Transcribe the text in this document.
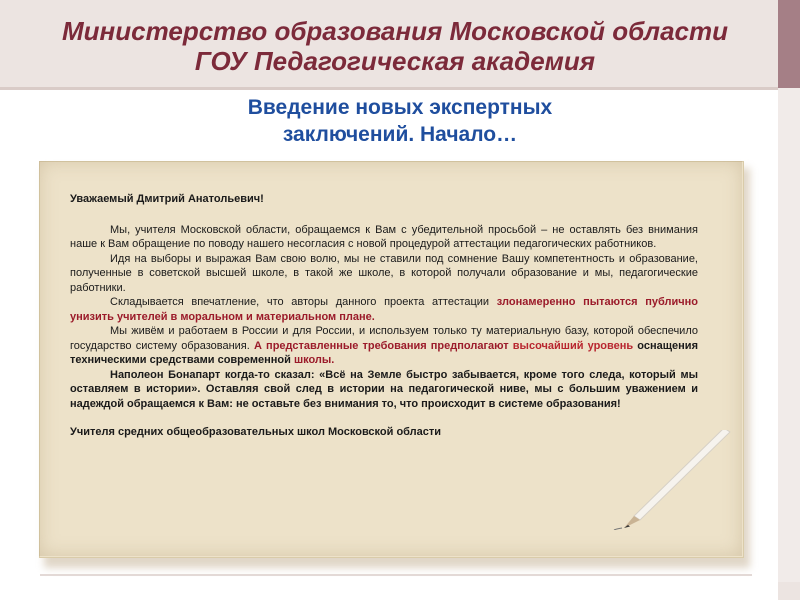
Министерство образования Московской области
ГОУ Педагогическая академия
Введение новых экспертных
заключений. Начало…

Уважаемый Дмитрий Анатольевич!

Мы, учителя Московской области, обращаемся к Вам с убедительной просьбой – не оставлять без внимания наше к Вам обращение по поводу нашего несогласия с новой процедурой аттестации педагогических работников.

Идя на выборы и выражая Вам свою волю, мы не ставили под сомнение Вашу компетентность и образование, полученные в советской высшей школе, в такой же школе, в которой получали образование и мы, педагогические работники.

Складывается впечатление, что авторы данного проекта аттестации злонамеренно пытаются публично унизить учителей в моральном и материальном плане.

Мы живём и работаем в России и для России, и используем только ту материальную базу, которой обеспечило государство систему образования. А представленные требования предполагают высочайший уровень оснащения техническими средствами современной школы.

Наполеон Бонапарт когда-то сказал: «Всё на Земле быстро забывается, кроме того следа, который мы оставляем в истории». Оставляя свой след в истории на педагогической ниве, мы с большим уважением и надеждой обращаемся к Вам: не оставьте без внимания то, что происходит в системе образования!

Учителя средних общеобразовательных школ Московской области
